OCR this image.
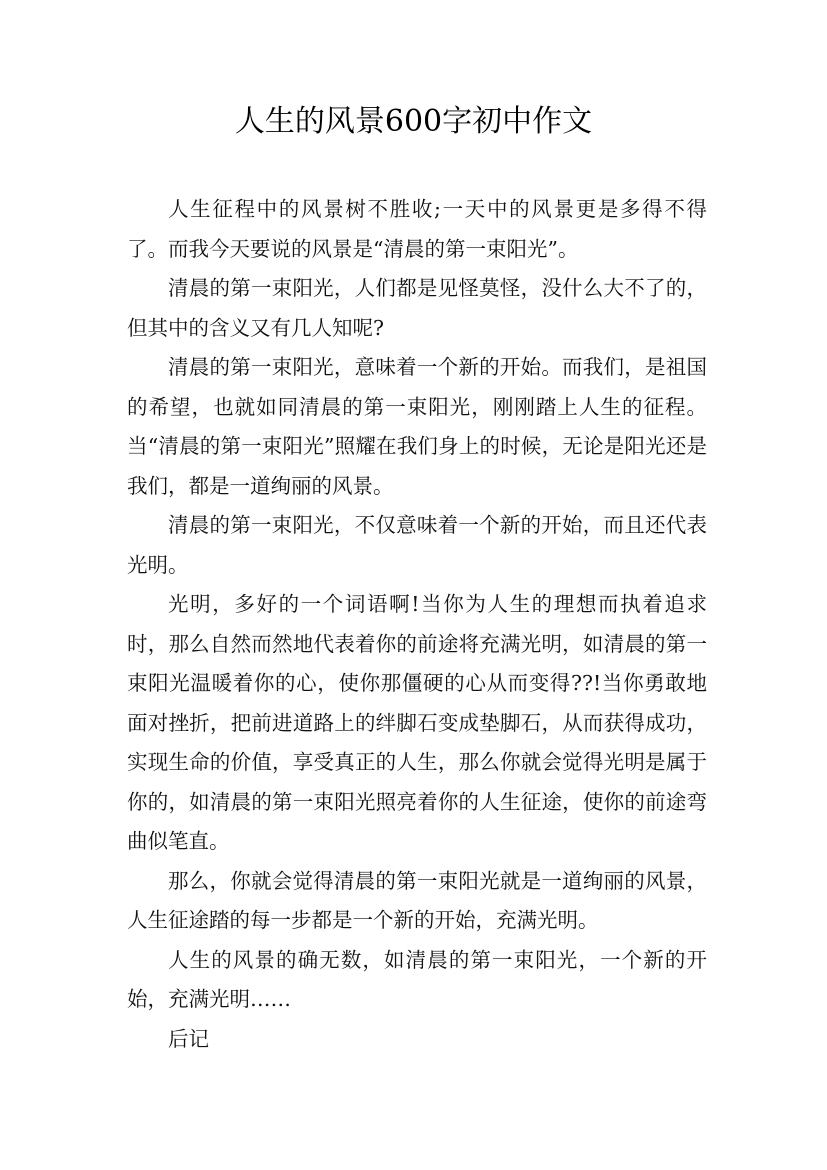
人生的风景600字初中作文

人生征程中的风景树不胜收;一天中的风景更是多得不得了。而我今天要说的风景是“清晨的第一束阳光”。

清晨的第一束阳光，人们都是见怪莫怪，没什么大不了的，但其中的含义又有几人知呢?

清晨的第一束阳光，意味着一个新的开始。而我们，是祖国的希望，也就如同清晨的第一束阳光，刚刚踏上人生的征程。当“清晨的第一束阳光”照耀在我们身上的时候，无论是阳光还是我们，都是一道绚丽的风景。

清晨的第一束阳光，不仅意味着一个新的开始，而且还代表光明。

光明，多好的一个词语啊!当你为人生的理想而执着追求时，那么自然而然地代表着你的前途将充满光明，如清晨的第一束阳光温暖着你的心，使你那僵硬的心从而变得??!当你勇敢地面对挫折，把前进道路上的绊脚石变成垫脚石，从而获得成功，实现生命的价值，享受真正的人生，那么你就会觉得光明是属于你的，如清晨的第一束阳光照亮着你的人生征途，使你的前途弯曲似笔直。

那么，你就会觉得清晨的第一束阳光就是一道绚丽的风景，人生征途踏的每一步都是一个新的开始，充满光明。

人生的风景的确无数，如清晨的第一束阳光，一个新的开始，充满光明……

后记
